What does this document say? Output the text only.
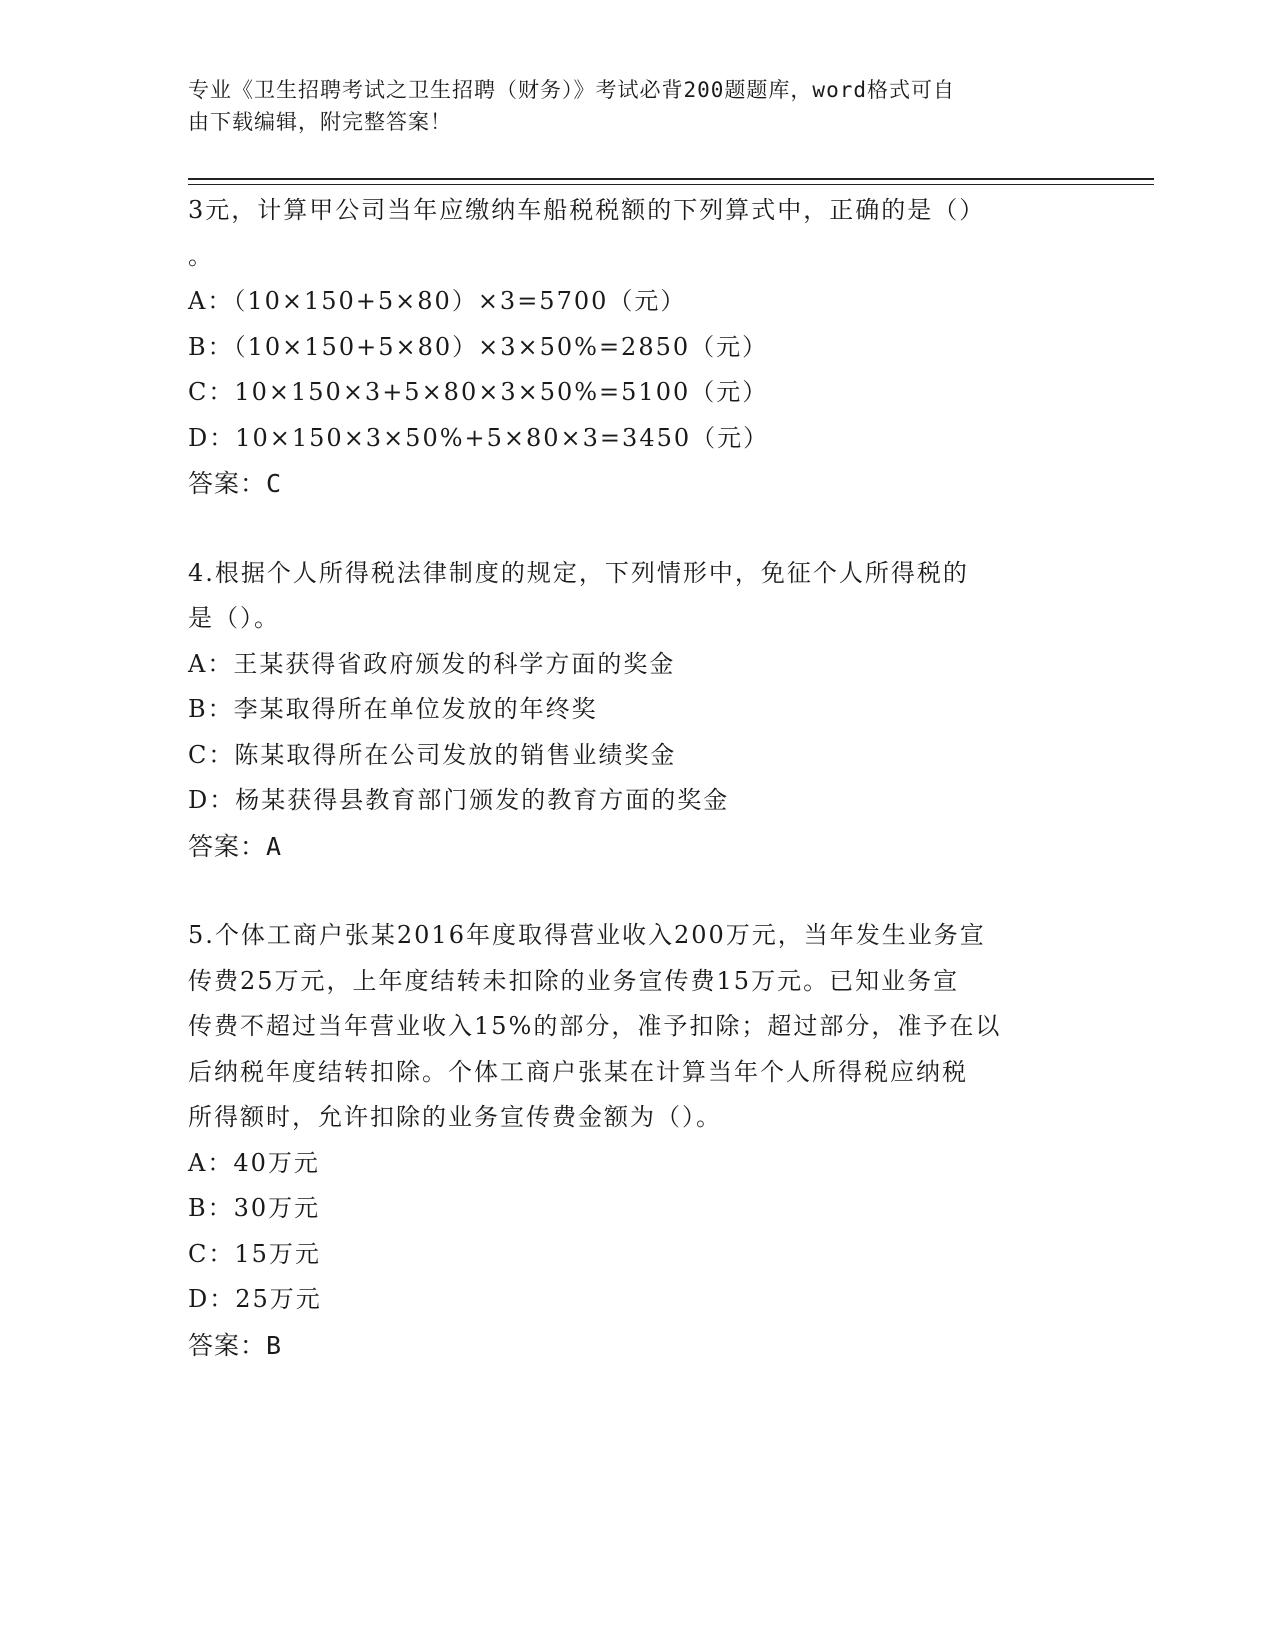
专业《卫生招聘考试之卫生招聘（财务）》考试必背200题题库，word格式可自
由下载编辑，附完整答案！
3元，计算甲公司当年应缴纳车船税税额的下列算式中，正确的是（）
。
A：（10×150+5×80）×3=5700（元）
B：（10×150+5×80）×3×50%=2850（元）
C：10×150×3+5×80×3×50%=5100（元）
D：10×150×3×50%+5×80×3=3450（元）
答案：C
4.根据个人所得税法律制度的规定，下列情形中，免征个人所得税的
是（）。
A：王某获得省政府颁发的科学方面的奖金
B：李某取得所在单位发放的年终奖
C：陈某取得所在公司发放的销售业绩奖金
D：杨某获得县教育部门颁发的教育方面的奖金
答案：A
5.个体工商户张某2016年度取得营业收入200万元，当年发生业务宣
传费25万元，上年度结转未扣除的业务宣传费15万元。已知业务宣
传费不超过当年营业收入15%的部分，准予扣除；超过部分，准予在以
后纳税年度结转扣除。个体工商户张某在计算当年个人所得税应纳税
所得额时，允许扣除的业务宣传费金额为（）。
A：40万元
B：30万元
C：15万元
D：25万元
答案：B
